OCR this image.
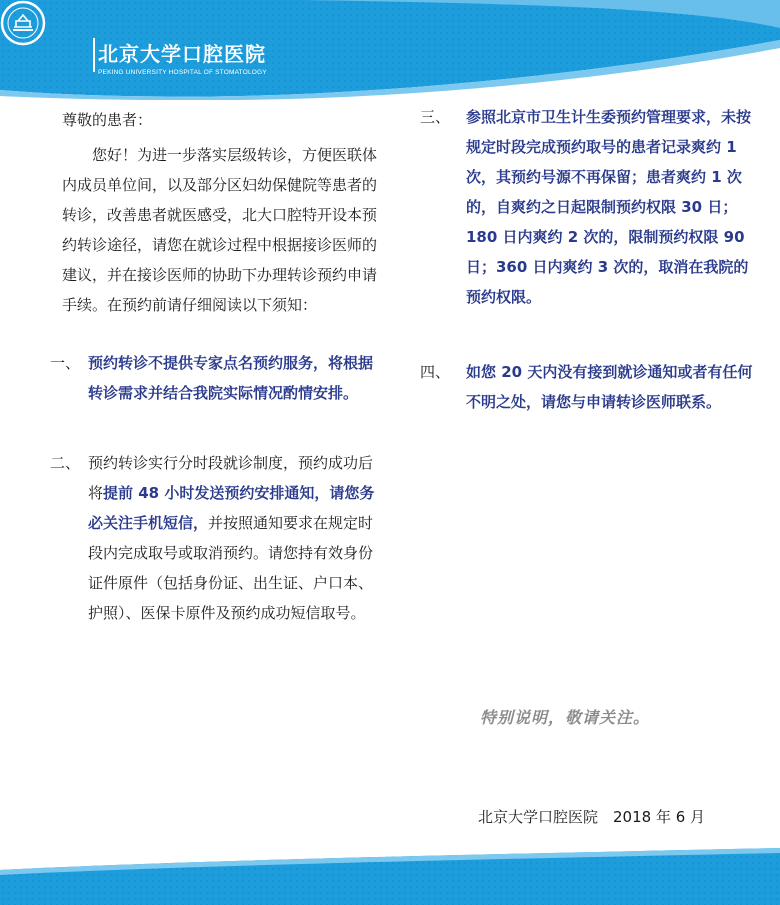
北京大学口腔医院
PEKING UNIVERSITY HOSPITAL OF STOMATOLOGY

尊敬的患者：

您好！为进一步落实层级转诊，方便医联体内成员单位间，以及部分区妇幼保健院等患者的转诊，改善患者就医感受，北大口腔特开设本预约转诊途径，请您在就诊过程中根据接诊医师的建议，并在接诊医师的协助下办理转诊预约申请手续。在预约前请仔细阅读以下须知：

一、 预约转诊不提供专家点名预约服务，将根据转诊需求并结合我院实际情况酌情安排。
二、 预约转诊实行分时段就诊制度，预约成功后将提前 48 小时发送预约安排通知，请您务必关注手机短信，并按照通知要求在规定时段内完成取号或取消预约。请您持有效身份证件原件（包括身份证、出生证、户口本、护照）、医保卡原件及预约成功短信取号。
三、 参照北京市卫生计生委预约管理要求，未按规定时段完成预约取号的患者记录爽约 1 次，其预约号源不再保留；患者爽约 1 次的，自爽约之日起限制预约权限 30 日；180 日内爽约 2 次的，限制预约权限 90 日；360 日内爽约 3 次的，取消在我院的预约权限。
四、 如您 20 天内没有接到就诊通知或者有任何不明之处，请您与申请转诊医师联系。
特别说明，敬请关注。
北京大学口腔医院　2018 年 6 月
